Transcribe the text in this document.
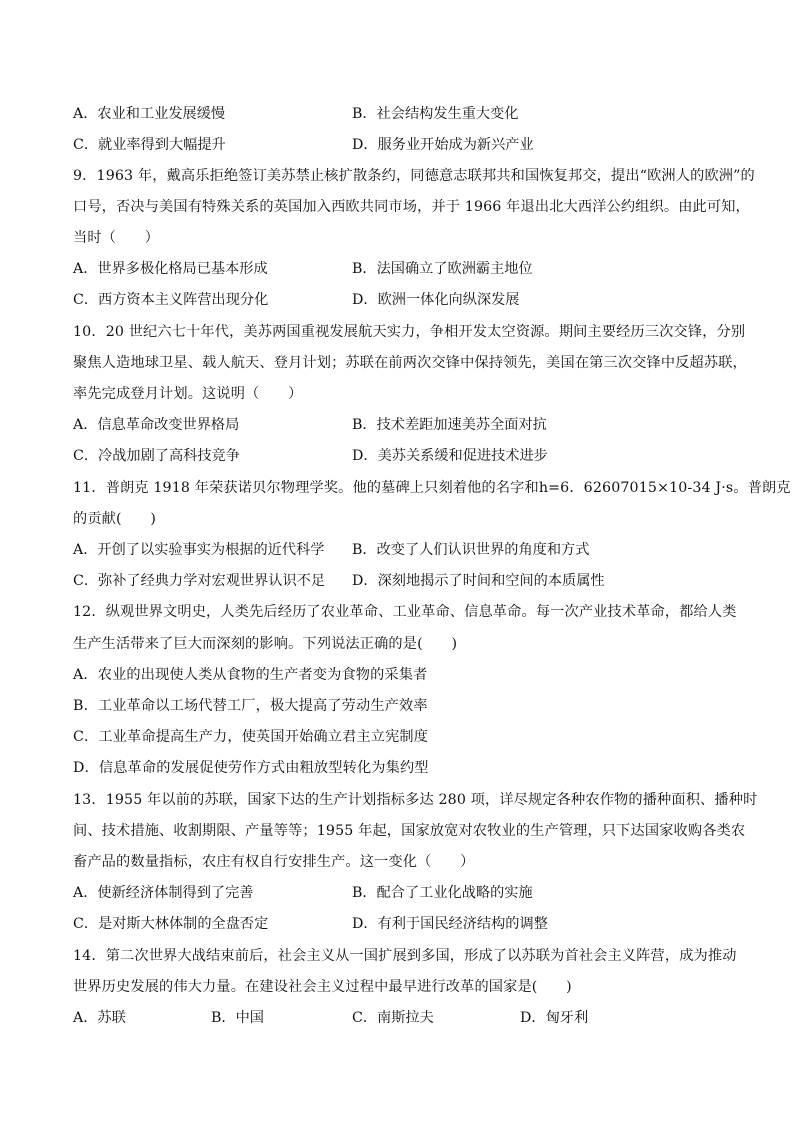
A．农业和工业发展缓慢	B．社会结构发生重大变化
C．就业率得到大幅提升	D．服务业开始成为新兴产业
9．1963 年，戴高乐拒绝签订美苏禁止核扩散条约，同德意志联邦共和国恢复邦交，提出“欧洲人的欧洲”的
口号，否决与美国有特殊关系的英国加入西欧共同市场，并于 1966 年退出北大西洋公约组织。由此可知，
当时（　　）
A．世界多极化格局已基本形成	B．法国确立了欧洲霸主地位
C．西方资本主义阵营出现分化	D．欧洲一体化向纵深发展
10．20 世纪六七十年代，美苏两国重视发展航天实力，争相开发太空资源。期间主要经历三次交锋，分别
聚焦人造地球卫星、载人航天、登月计划；苏联在前两次交锋中保持领先，美国在第三次交锋中反超苏联，
率先完成登月计划。这说明（　　）
A．信息革命改变世界格局	B．技术差距加速美苏全面对抗
C．冷战加剧了高科技竞争	D．美苏关系缓和促进技术进步
11．普朗克 1918 年荣获诺贝尔物理学奖。他的墓碑上只刻着他的名字和h=6．62607015×10-34 J·s。普朗克
的贡献(　　)
A．开创了以实验事实为根据的近代科学 B．改变了人们认识世界的角度和方式
C．弥补了经典力学对宏观世界认识不足 D．深刻地揭示了时间和空间的本质属性
12．纵观世界文明史，人类先后经历了农业革命、工业革命、信息革命。每一次产业技术革命，都给人类
生产生活带来了巨大而深刻的影响。下列说法正确的是(　　)
A．农业的出现使人类从食物的生产者变为食物的采集者
B．工业革命以工场代替工厂，极大提高了劳动生产效率
C．工业革命提高生产力，使英国开始确立君主立宪制度
D．信息革命的发展促使劳作方式由粗放型转化为集约型
13．1955 年以前的苏联，国家下达的生产计划指标多达 280 项，详尽规定各种农作物的播种面积、播种时
间、技术措施、收割期限、产量等等；1955 年起，国家放宽对农牧业的生产管理，只下达国家收购各类农
畜产品的数量指标，农庄有权自行安排生产。这一变化（　　）
A．使新经济体制得到了完善	B．配合了工业化战略的实施
C．是对斯大林体制的全盘否定	D．有利于国民经济结构的调整
14．第二次世界大战结束前后，社会主义从一国扩展到多国，形成了以苏联为首社会主义阵营，成为推动
世界历史发展的伟大力量。在建设社会主义过程中最早进行改革的国家是(　　)
A．苏联	B．中国	C．南斯拉夫	D．匈牙利
